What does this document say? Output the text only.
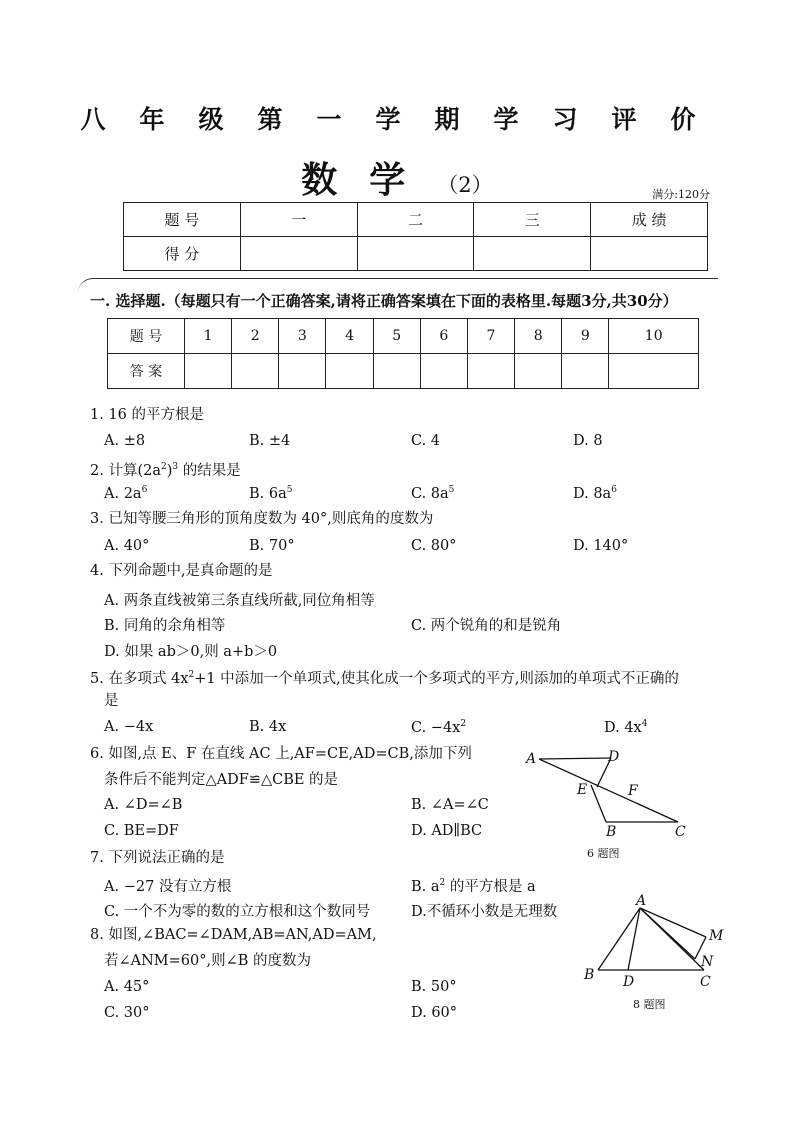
八年级第一学期学习评价
数学（2）	满分:120分
题 号	一	二	三	成 绩
得 分				
一. 选择题.（每题只有一个正确答案,请将正确答案填在下面的表格里.每题3分,共30分）
题 号	1	2	3	4	5	6	7	8	9	10
答 案										
1. 16 的平方根是
A. ±8	B. ±4	C. 4	D. 8
2. 计算$(2a^2)^3$ 的结果是
A. $2a^6$	B. $6a^5$	C. $8a^5$	D. $8a^6$
3. 已知等腰三角形的顶角度数为 40°,则底角的度数为
A. 40°	B. 70°	C. 80°	D. 140°
4. 下列命题中,是真命题的是
A. 两条直线被第三条直线所截,同位角相等
B. 同角的余角相等	C. 两个锐角的和是锐角
D. 如果 ab＞0,则 a+b＞0
5. 在多项式 $4x^2+1$ 中添加一个单项式,使其化成一个多项式的平方,则添加的单项式不正确的
是
A. −4x	B. 4x	C. $-4x^2$	D. $4x^4$
6. 如图,点 E、F 在直线 AC 上,AF=CE,AD=CB,添加下列
条件后不能判定△ADF≌△CBE 的是
A. ∠D=∠B	B. ∠A=∠C
C. BE=DF	D. AD∥BC
A	D
E	F
B	C
6 题图
7. 下列说法正确的是
A. −27 没有立方根	B. $a^2$ 的平方根是 a
C. 一个不为零的数的立方根和这个数同号	D.不循环小数是无理数
8. 如图,∠BAC=∠DAM,AB=AN,AD=AM,
若∠ANM=60°,则∠B 的度数为
A. 45°	B. 50°
C. 30°	D. 60°
A
M
N
B D	C
8 题图
